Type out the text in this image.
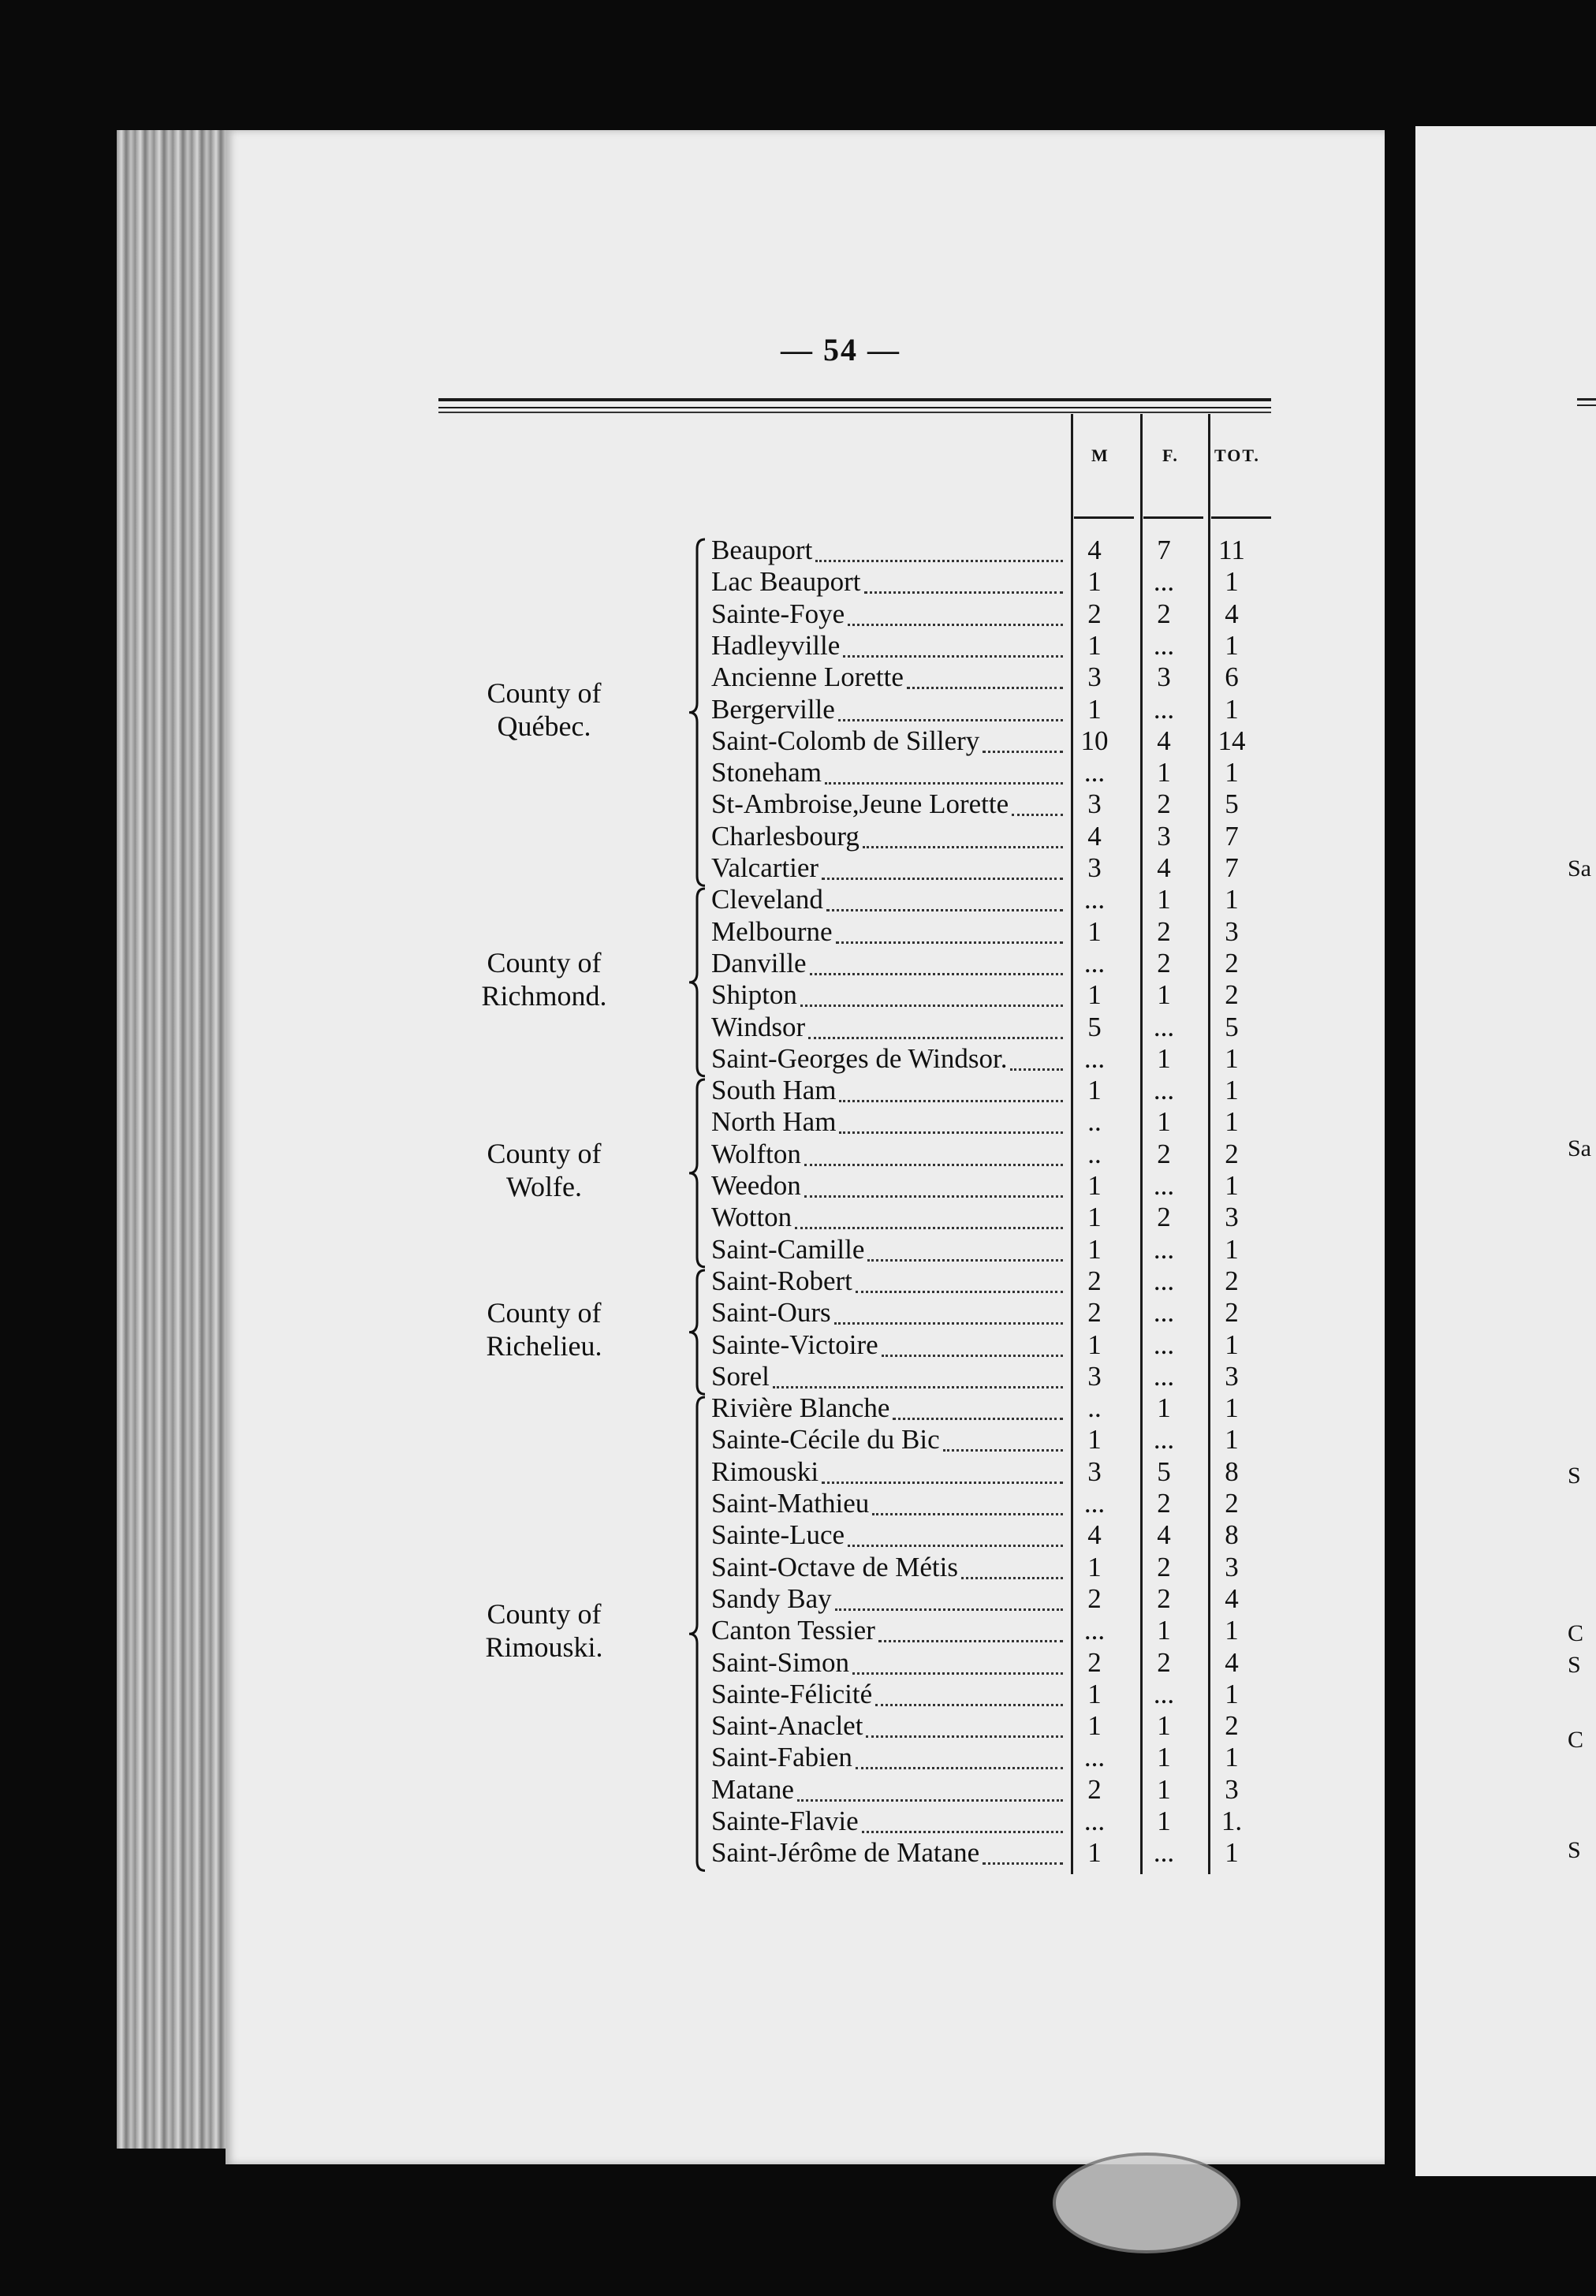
Sa
Sa
S
C
S
C
S
— 54 —
M	F. TOT.
County of
Québec.
Beauport	4	7	11
Lac Beauport	1	...	1
Sainte-Foye	2	2	4
Hadleyville	1	...	1
Ancienne Lorette	3	3	6
Bergerville	1	...	1
Saint-Colomb de Sillery	10	4	14
Stoneham	...	1	1
St-Ambroise,Jeune Lorette	3	2	5
Charlesbourg	4	3	7
Valcartier	3	4	7
County of
Richmond.
Cleveland	...	1	1
Melbourne	1	2	3
Danville	...	2	2
Shipton	1	1	2
Windsor	5	...	5
Saint-Georges de Windsor.	...	1	1
County of
Wolfe.
South Ham	1	...	1
North Ham	..	1	1
Wolfton	..	2	2
Weedon	1	...	1
Wotton	1	2	3
Saint-Camille	1	...	1
County of
Richelieu.
Saint-Robert	2	...	2
Saint-Ours	2	...	2
Sainte-Victoire	1	...	1
Sorel	3	...	3
County of
Rimouski.
Rivière Blanche	..	1	1
Sainte-Cécile du Bic	1	...	1
Rimouski	3	5	8
Saint-Mathieu	...	2	2
Sainte-Luce	4	4	8
Saint-Octave de Métis	1	2	3
Sandy Bay	2	2	4
Canton Tessier	...	1	1
Saint-Simon	2	2	4
Sainte-Félicité	1	...	1
Saint-Anaclet	1	1	2
Saint-Fabien	...	1	1
Matane	2	1	3
Sainte-Flavie	...	1	1.
Saint-Jérôme de Matane	1	...	1
